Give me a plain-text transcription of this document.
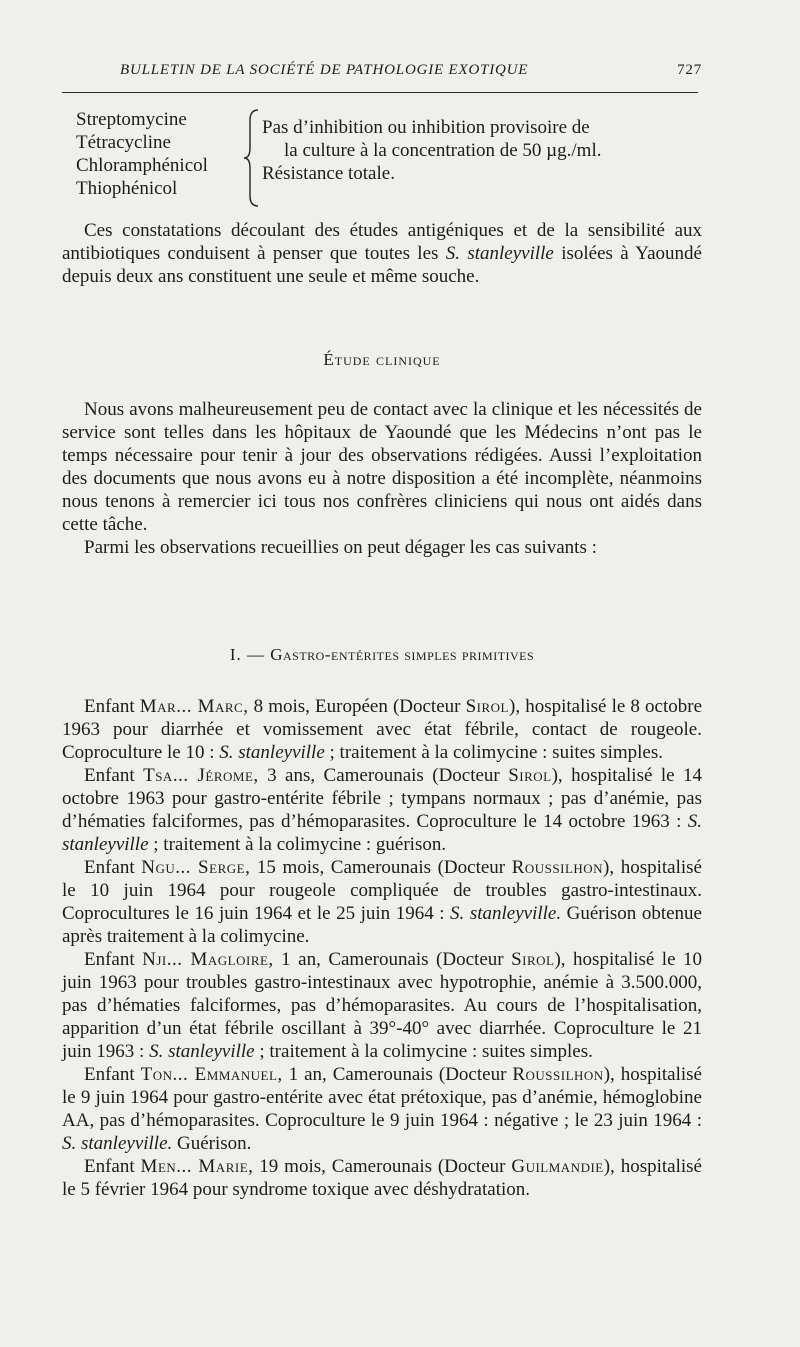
BULLETIN DE LA SOCIÉTÉ DE PATHOLOGIE EXOTIQUE	727
Streptomycine
Tétracycline
Chloramphénicol
Thiophénicol
Pas d’inhibition ou inhibition provisoire de
la culture à la concentration de 50 µg./ml.
Résistance totale.

Ces constatations découlant des études antigéniques et de la sensibilité aux antibiotiques conduisent à penser que toutes les S. stanleyville isolées à Yaoundé depuis deux ans constituent une seule et même souche.

Étude clinique

Nous avons malheureusement peu de contact avec la clinique et les nécessités de service sont telles dans les hôpitaux de Yaoundé que les Médecins n’ont pas le temps nécessaire pour tenir à jour des observations rédigées. Aussi l’exploitation des documents que nous avons eu à notre disposition a été incomplète, néanmoins nous tenons à remercier ici tous nos confrères cliniciens qui nous ont aidés dans cette tâche.

Parmi les observations recueillies on peut dégager les cas suivants :

I. — Gastro-entérites simples primitives

Enfant Mar... Marc, 8 mois, Européen (Docteur Sirol), hospitalisé le 8 octobre 1963 pour diarrhée et vomissement avec état fébrile, contact de rougeole. Coproculture le 10 : S. stanleyville ; traitement à la colimycine : suites simples.

Enfant Tsa... Jérome, 3 ans, Camerounais (Docteur Sirol), hospitalisé le 14 octobre 1963 pour gastro-entérite fébrile ; tympans normaux ; pas d’anémie, pas d’hématies falciformes, pas d’hémoparasites. Coproculture le 14 octobre 1963 : S. stanleyville ; traitement à la colimycine : guérison.

Enfant Ngu... Serge, 15 mois, Camerounais (Docteur Roussilhon), hospitalisé le 10 juin 1964 pour rougeole compliquée de troubles gastro-intestinaux. Coprocultures le 16 juin 1964 et le 25 juin 1964 : S. stanleyville. Guérison obtenue après traitement à la colimycine.

Enfant Nji... Magloire, 1 an, Camerounais (Docteur Sirol), hospitalisé le 10 juin 1963 pour troubles gastro-intestinaux avec hypotrophie, anémie à 3.500.000, pas d’hématies falciformes, pas d’hémoparasites. Au cours de l’hospitalisation, apparition d’un état fébrile oscillant à 39°-40° avec diarrhée. Coproculture le 21 juin 1963 : S. stanleyville ; traitement à la colimycine : suites simples.

Enfant Ton... Emmanuel, 1 an, Camerounais (Docteur Roussilhon), hospitalisé le 9 juin 1964 pour gastro-entérite avec état prétoxique, pas d’anémie, hémoglobine AA, pas d’hémoparasites. Coproculture le 9 juin 1964 : négative ; le 23 juin 1964 : S. stanleyville. Guérison.

Enfant Men... Marie, 19 mois, Camerounais (Docteur Guilmandie), hospitalisé le 5 février 1964 pour syndrome toxique avec déshydratation.
